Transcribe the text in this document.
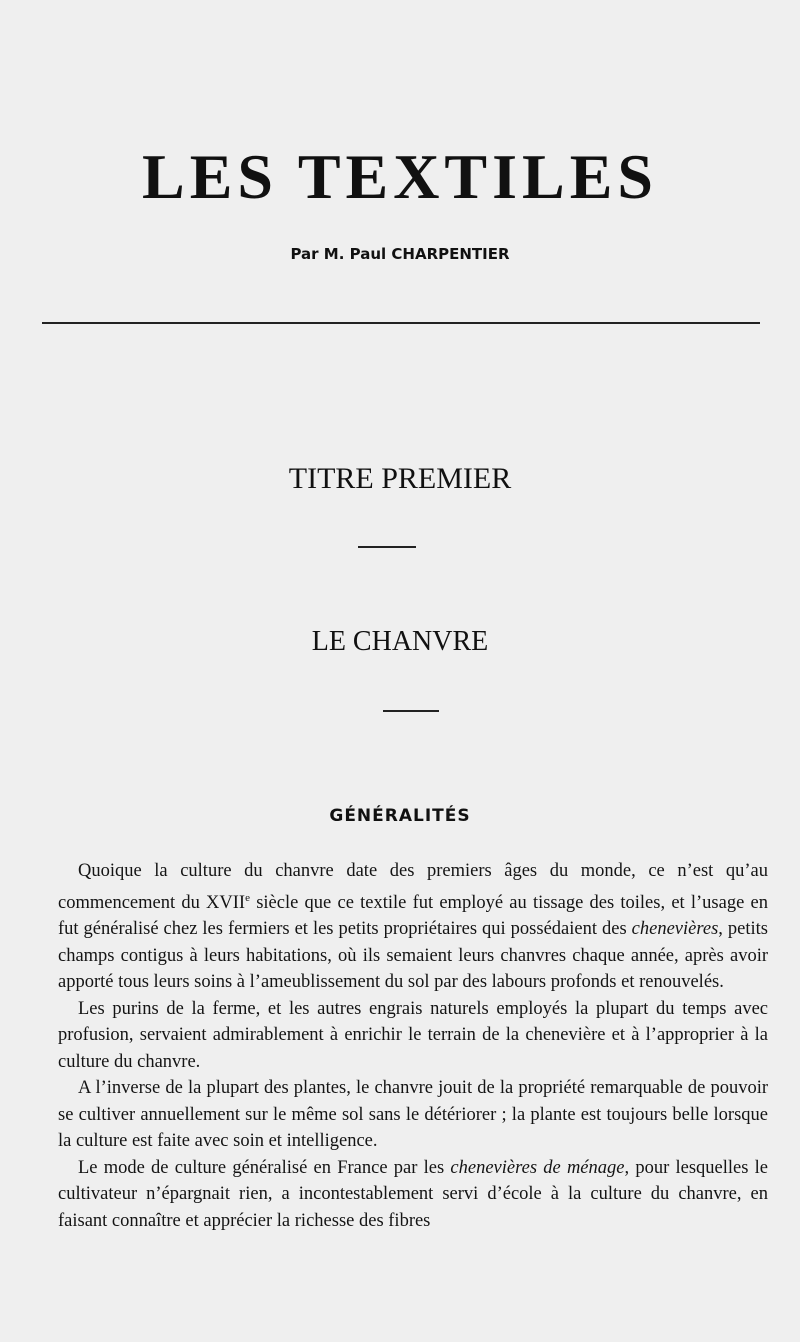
LES TEXTILES
Par M. Paul CHARPENTIER
TITRE PREMIER
LE CHANVRE
GÉNÉRALITÉS

Quoique la culture du chanvre date des premiers âges du monde, ce n’est qu’au commencement du XVIIe siècle que ce textile fut employé au tissage des toiles, et l’usage en fut généralisé chez les fermiers et les petits propriétaires qui possédaient des chenevières, petits champs contigus à leurs habitations, où ils semaient leurs chanvres chaque année, après avoir apporté tous leurs soins à l’ameublissement du sol par des labours profonds et renouvelés.

Les purins de la ferme, et les autres engrais naturels employés la plupart du temps avec profusion, servaient admirablement à enrichir le terrain de la chenevière et à l’approprier à la culture du chanvre.

A l’inverse de la plupart des plantes, le chanvre jouit de la propriété remarquable de pouvoir se cultiver annuellement sur le même sol sans le détériorer ; la plante est toujours belle lorsque la culture est faite avec soin et intelligence.

Le mode de culture généralisé en France par les chenevières de ménage, pour lesquelles le cultivateur n’épargnait rien, a incontestablement servi d’école à la culture du chanvre, en faisant connaître et apprécier la richesse des fibres
